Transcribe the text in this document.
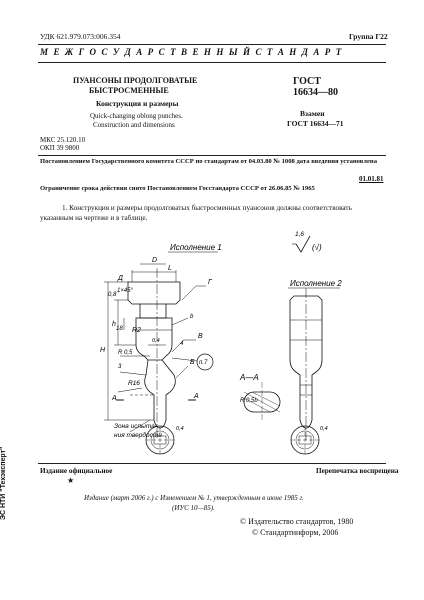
УДК 621.979.073:006.354	Группа Г22
М Е Ж Г О С У Д А Р С Т В Е Н Н Ы Й С Т А Н Д А Р Т
ПУАНСОНЫ ПРОДОЛГОВАТЫЕ
БЫСТРОСМЕННЫЕ
Конструкция и размеры
Quick-changing oblong punches.
Construction and dimensions
ГОСТ
16634—80
Взамен
ГОСТ 16634—71
МКС 25.120.10
ОКП 39 9800
Постановлением Государственного комитета СССР по стандартам от 04.03.80 № 1008 дата введения установлена
01.01.81
Ограничение срока действия снято Постановлением Госстандарта СССР от 26.06.85 № 1965
1. Конструкция и размеры продолговатых быстросменных пуансонов должны соответствовать
указанным на чертеже и в таблице.
Исполнение 1
Исполнение 2
А—А
1,6
(√)
D
L
H
h
1×45°
Д
0,8
18
Г
b
В
п.7
Б
А	А
R2
R 0,5
R16
R 0,5b
4
3
0,4
Зона испыта-
ния твердости
0,4	0,4
Издание официальное
★
Перепечатка воспрещена
Издание (март 2006 г.) с Изменением № 1, утвержденным в июне 1985 г.
(ИУС 10—85).
© Издательство стандартов, 1980
© Стандартинформ, 2006
ЭС НТИ "Техэксперт"
